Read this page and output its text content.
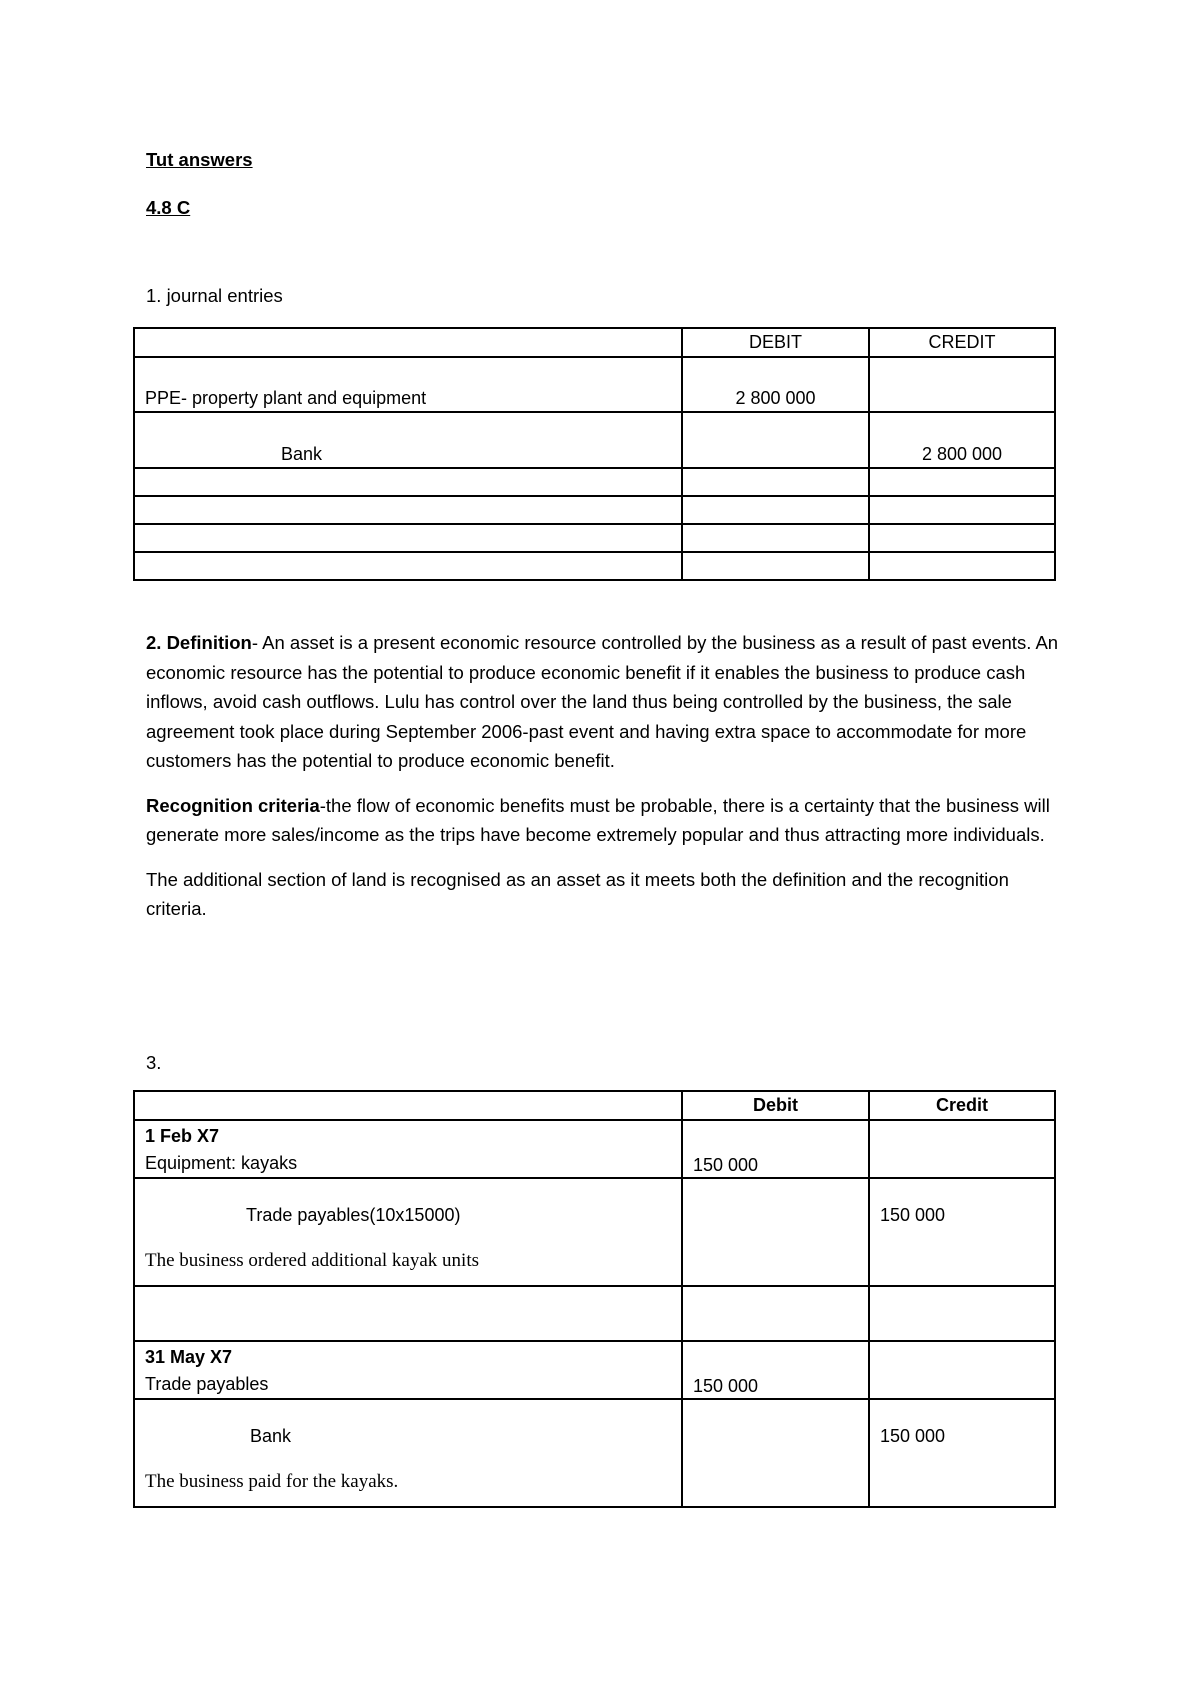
Tut answers
4.8 C
1. journal entries
	DEBIT	CREDIT
PPE- property plant and equipment	2 800 000	
Bank		2 800 000

2. Definition- An asset is a present economic resource controlled by the business as a result of past events. An economic resource has the potential to produce economic benefit if it enables the business to produce cash inflows, avoid cash outflows. Lulu has control over the land thus being controlled by the business, the sale agreement took place during September 2006-past event and having extra space to accommodate for more customers has the potential to produce economic benefit.

Recognition criteria-the flow of economic benefits must be probable, there is a certainty that the business will generate more sales/income as the trips have become extremely popular and thus attracting more individuals.

The additional section of land is recognised as an asset as it meets both the definition and the recognition criteria.

3.
	Debit	Credit

1 Feb X7
Equipment: kayaks	150 000	

Trade payables(10x15000)
The business ordered additional kayak units		150 000

31 May X7
Trade payables	150 000	

Bank
The business paid for the kayaks.		150 000
